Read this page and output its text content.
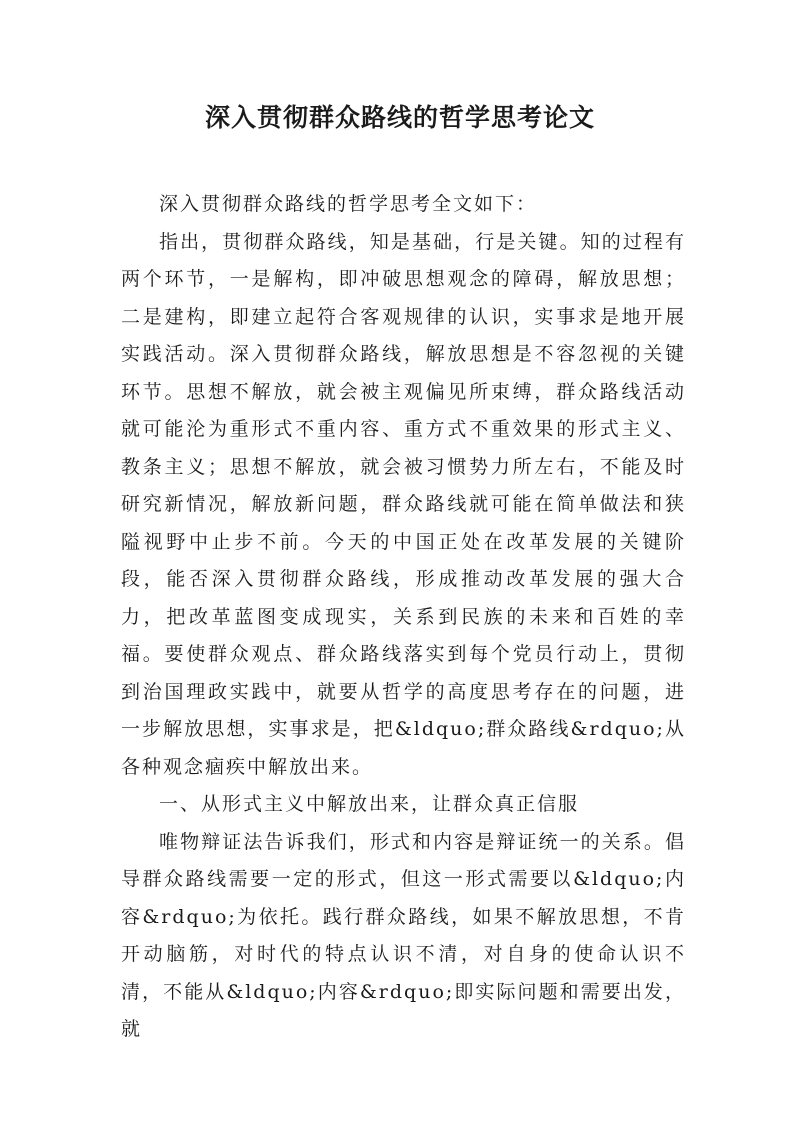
深入贯彻群众路线的哲学思考论文

深入贯彻群众路线的哲学思考全文如下：

指出，贯彻群众路线，知是基础，行是关键。知的过程有两个环节，一是解构，即冲破思想观念的障碍，解放思想；二是建构，即建立起符合客观规律的认识，实事求是地开展实践活动。深入贯彻群众路线，解放思想是不容忽视的关键环节。思想不解放，就会被主观偏见所束缚，群众路线活动就可能沦为重形式不重内容、重方式不重效果的形式主义、教条主义；思想不解放，就会被习惯势力所左右，不能及时研究新情况，解放新问题，群众路线就可能在简单做法和狭隘视野中止步不前。今天的中国正处在改革发展的关键阶段，能否深入贯彻群众路线，形成推动改革发展的强大合力，把改革蓝图变成现实，关系到民族的未来和百姓的幸福。要使群众观点、群众路线落实到每个党员行动上，贯彻到治国理政实践中，就要从哲学的高度思考存在的问题，进一步解放思想，实事求是，把&ldquo;群众路线&rdquo;从各种观念痼疾中解放出来。

一、从形式主义中解放出来，让群众真正信服

唯物辩证法告诉我们，形式和内容是辩证统一的关系。倡导群众路线需要一定的形式，但这一形式需要以&ldquo;内容&rdquo;为依托。践行群众路线，如果不解放思想，不肯开动脑筋，对时代的特点认识不清，对自身的使命认识不清，不能从&ldquo;内容&rdquo;即实际问题和需要出发，就
